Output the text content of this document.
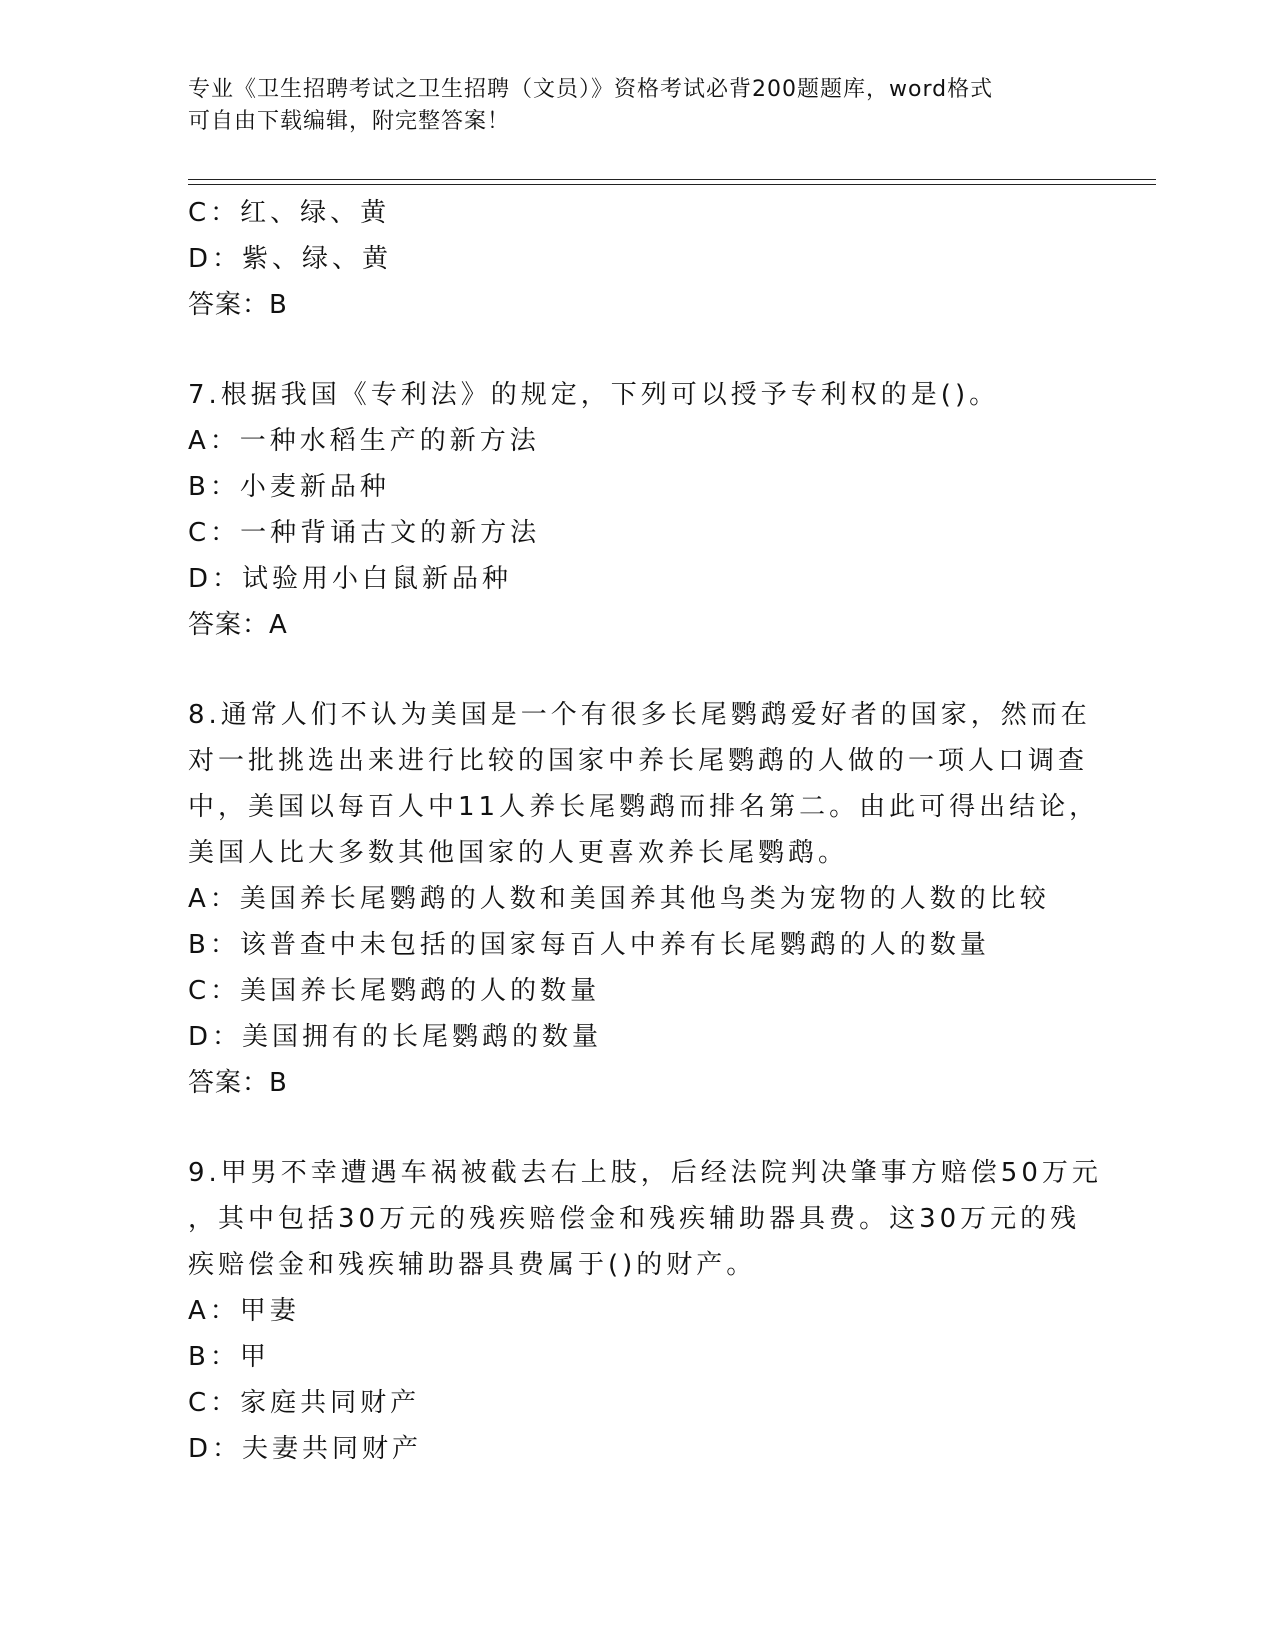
专业《卫生招聘考试之卫生招聘（文员）》资格考试必背200题题库，word格式
可自由下载编辑，附完整答案！
C：红、绿、黄
D：紫、绿、黄
答案：B
7.根据我国《专利法》的规定，下列可以授予专利权的是()。
A：一种水稻生产的新方法
B：小麦新品种
C：一种背诵古文的新方法
D：试验用小白鼠新品种
答案：A

8.通常人们不认为美国是一个有很多长尾鹦鹉爱好者的国家，然而在

对一批挑选出来进行比较的国家中养长尾鹦鹉的人做的一项人口调查

中，美国以每百人中11人养长尾鹦鹉而排名第二。由此可得出结论，

美国人比大多数其他国家的人更喜欢养长尾鹦鹉。

A：美国养长尾鹦鹉的人数和美国养其他鸟类为宠物的人数的比较
B：该普查中未包括的国家每百人中养有长尾鹦鹉的人的数量
C：美国养长尾鹦鹉的人的数量
D：美国拥有的长尾鹦鹉的数量
答案：B

9.甲男不幸遭遇车祸被截去右上肢，后经法院判决肇事方赔偿50万元

，其中包括30万元的残疾赔偿金和残疾辅助器具费。这30万元的残

疾赔偿金和残疾辅助器具费属于()的财产。

A：甲妻
B：甲
C：家庭共同财产
D：夫妻共同财产
